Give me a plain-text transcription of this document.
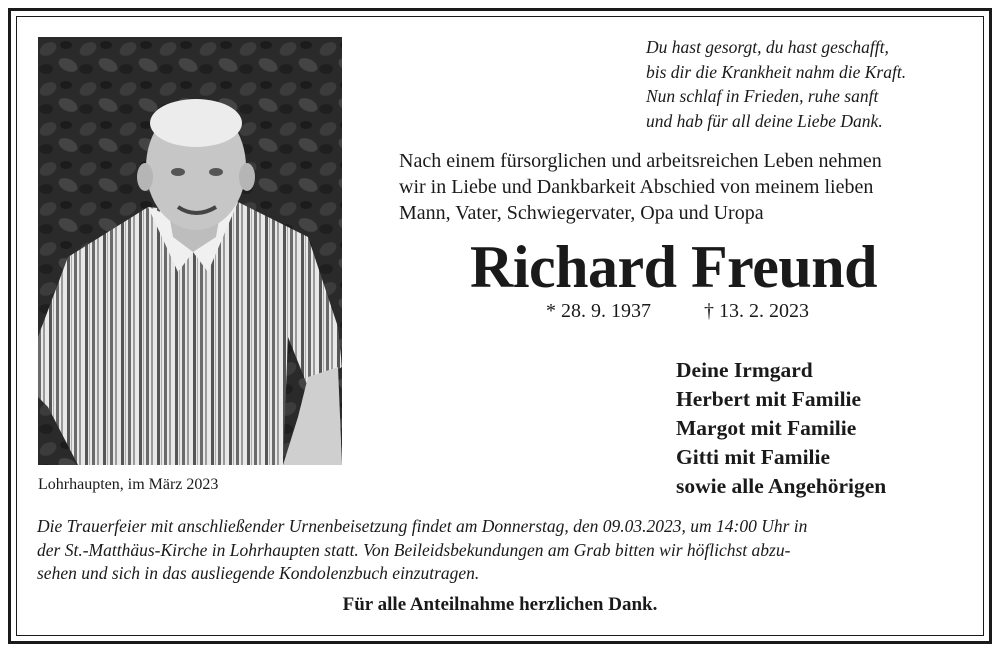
Lohrhaupten, im März 2023
Du hast gesorgt, du hast geschafft,
bis dir die Krankheit nahm die Kraft.
Nun schlaf in Frieden, ruhe sanft
und hab für all deine Liebe Dank.
Nach einem fürsorglichen und arbeitsreichen Leben nehmen
wir in Liebe und Dankbarkeit Abschied von meinem lieben
Mann, Vater, Schwiegervater, Opa und Uropa
Richard Freund
* 28. 9. 1937	† 13. 2. 2023
Deine Irmgard
Herbert mit Familie
Margot mit Familie
Gitti mit Familie
sowie alle Angehörigen
Die Trauerfeier mit anschließender Urnenbeisetzung findet am Donnerstag, den 09.03.2023, um 14:00 Uhr in
der St.-Matthäus-Kirche in Lohrhaupten statt. Von Beileidsbekundungen am Grab bitten wir höflichst abzu-
sehen und sich in das ausliegende Kondolenzbuch einzutragen.
Für alle Anteilnahme herzlichen Dank.
